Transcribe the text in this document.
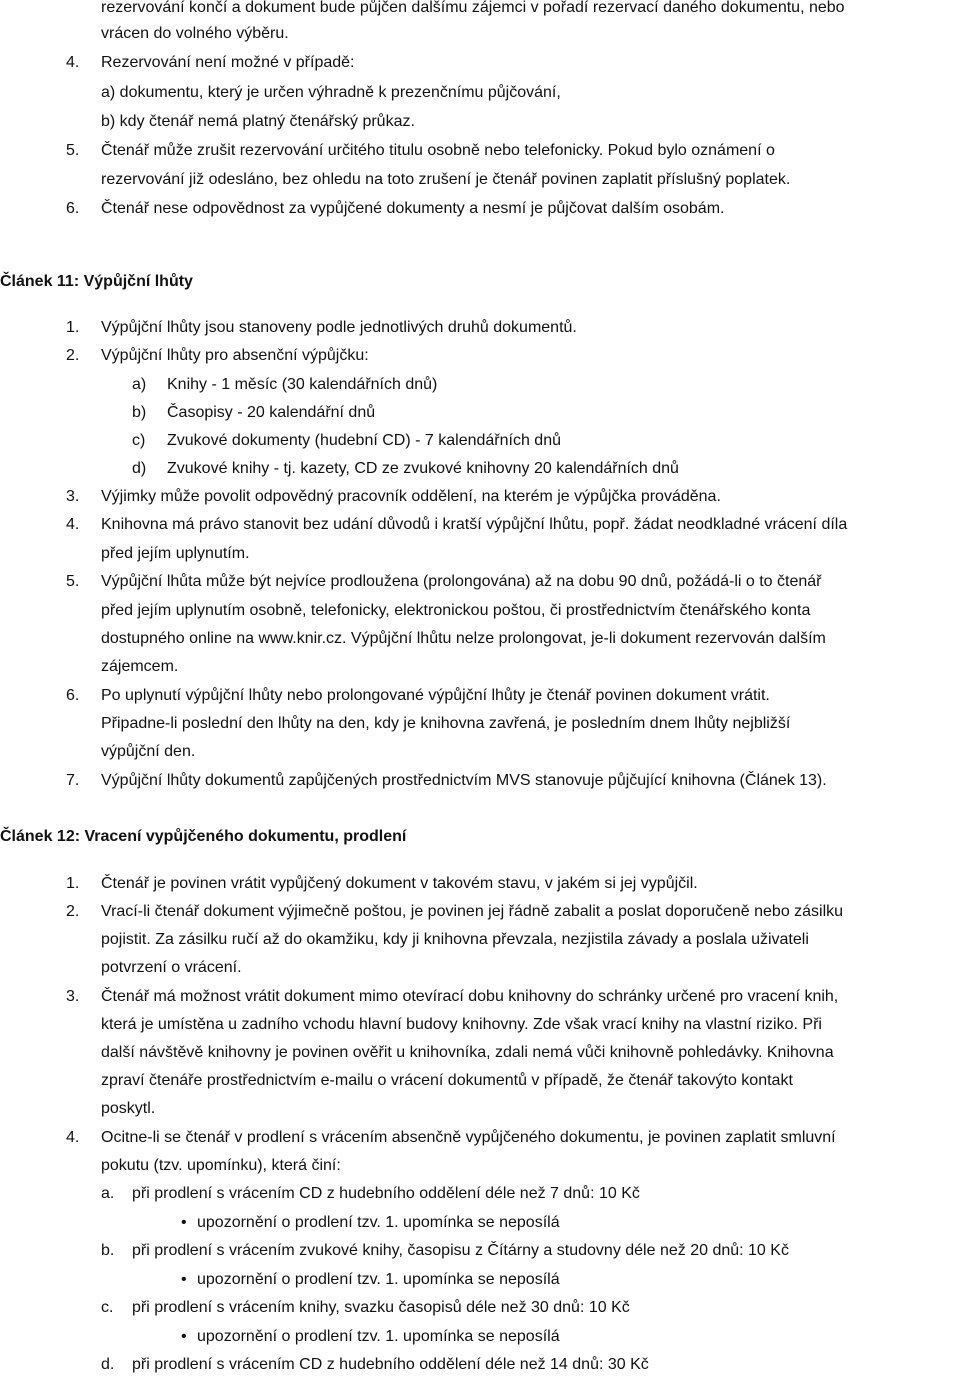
rezervování končí a dokument bude půjčen dalšímu zájemci v pořadí rezervací daného dokumentu, nebo
vrácen do volného výběru.
4. Rezervování není možné v případě:
a) dokumentu, který je určen výhradně k prezenčnímu půjčování,
b) kdy čtenář nemá platný čtenářský průkaz.
5. Čtenář může zrušit rezervování určitého titulu osobně nebo telefonicky. Pokud bylo oznámení o
rezervování již odesláno, bez ohledu na toto zrušení je čtenář povinen zaplatit příslušný poplatek.
6. Čtenář nese odpovědnost za vypůjčené dokumenty a nesmí je půjčovat dalším osobám.
Článek 11: Výpůjční lhůty
1. Výpůjční lhůty jsou stanoveny podle jednotlivých druhů dokumentů.
2. Výpůjční lhůty pro absenční výpůjčku:
a) Knihy - 1 měsíc (30 kalendářních dnů)
b) Časopisy - 20 kalendářní dnů
c) Zvukové dokumenty (hudební CD) - 7 kalendářních dnů
d) Zvukové knihy - tj. kazety, CD ze zvukové knihovny 20 kalendářních dnů
3. Výjimky může povolit odpovědný pracovník oddělení, na kterém je výpůjčka prováděna.
4. Knihovna má právo stanovit bez udání důvodů i kratší výpůjční lhůtu, popř. žádat neodkladné vrácení díla
před jejím uplynutím.
5. Výpůjční lhůta může být nejvíce prodloužena (prolongována) až na dobu 90 dnů, požádá-li o to čtenář
před jejím uplynutím osobně, telefonicky, elektronickou poštou, či prostřednictvím čtenářského konta
dostupného online na www.knir.cz. Výpůjční lhůtu nelze prolongovat, je-li dokument rezervován dalším
zájemcem.
6. Po uplynutí výpůjční lhůty nebo prolongované výpůjční lhůty je čtenář povinen dokument vrátit.
Připadne-li poslední den lhůty na den, kdy je knihovna zavřená, je posledním dnem lhůty nejbližší
výpůjční den.
7. Výpůjční lhůty dokumentů zapůjčených prostřednictvím MVS stanovuje půjčující knihovna (Článek 13).
Článek 12: Vracení vypůjčeného dokumentu, prodlení
1. Čtenář je povinen vrátit vypůjčený dokument v takovém stavu, v jakém si jej vypůjčil.
2. Vrací-li čtenář dokument výjimečně poštou, je povinen jej řádně zabalit a poslat doporučeně nebo zásilku
pojistit. Za zásilku ručí až do okamžiku, kdy ji knihovna převzala, nezjistila závady a poslala uživateli
potvrzení o vrácení.
3. Čtenář má možnost vrátit dokument mimo otevírací dobu knihovny do schránky určené pro vracení knih,
která je umístěna u zadního vchodu hlavní budovy knihovny. Zde však vrací knihy na vlastní riziko. Při
další návštěvě knihovny je povinen ověřit u knihovníka, zdali nemá vůči knihovně pohledávky. Knihovna
zpraví čtenáře prostřednictvím e-mailu o vrácení dokumentů v případě, že čtenář takovýto kontakt
poskytl.
4. Ocitne-li se čtenář v prodlení s vrácením absenčně vypůjčeného dokumentu, je povinen zaplatit smluvní
pokutu (tzv. upomínku), která činí:
a. při prodlení s vrácením CD z hudebního oddělení déle než 7 dnů: 10 Kč
• upozornění o prodlení tzv. 1. upomínka se neposílá
b. při prodlení s vrácením zvukové knihy, časopisu z Čítárny a studovny déle než 20 dnů: 10 Kč
• upozornění o prodlení tzv. 1. upomínka se neposílá
c. při prodlení s vrácením knihy, svazku časopisů déle než 30 dnů: 10 Kč
• upozornění o prodlení tzv. 1. upomínka se neposílá
d. při prodlení s vrácením CD z hudebního oddělení déle než 14 dnů: 30 Kč
